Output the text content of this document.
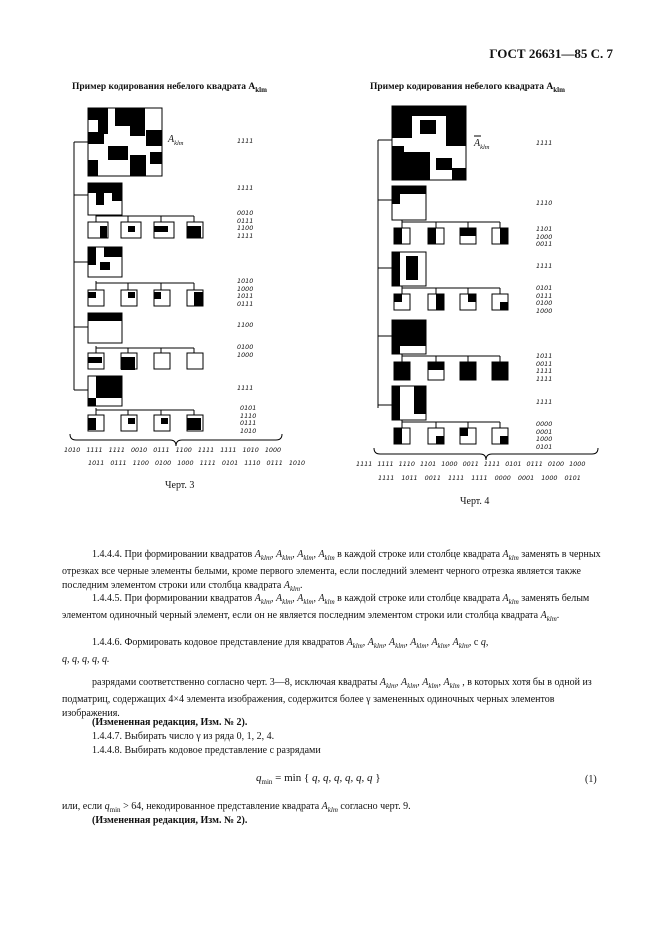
ГОСТ 26631—85 С. 7
Пример кодирования небелого квадрата $A_{klm}$	Пример кодирования небелого квадрата $A_{klm}$
$A_{klm}$	1111
1111
0010
0111
1100
1111
1010
1000
1011
0111
1100
0100
1000
1111
0101
1110
0111
1010
1010 1111 1111 0010 0111 1100 1111 1111 1010 1000
1011 0111 1100 0100 1000 1111 0101 1110 0111 1010
Черт. 3
$A_{klm}$
1111
1110
1101
1000
0011
1111
0101
0111
0100
1000
1011
0011
1111
1111
1111
0000
0001
1000
0101
1111 1111 1110 1101 1000 0011 1111 0101 0111 0100 1000
1111 1011 0011 1111 1111 0000 0001 1000 0101
Черт. 4
1.4.4.4. При формировании квадратов $A_{klm}$, $A_{klm}$, $A_{klm}$, $A_{klm}$ в каждой строке или столбце квадрата $A_{klm}$ заменять в черных отрезках все черные элементы белыми, кроме первого элемента, если последний элемент черного отрезка является также последним элементом строки или столбца квадрата $A_{klm}$.
1.4.4.5. При формировании квадратов $A_{klm}$, $A_{klm}$, $A_{klm}$, $A_{klm}$ в каждой строке или столбце квадрата $A_{klm}$ заменять белым элементом одиночный черный элемент, если он не является последним элементом строки или столбца квадрата $A_{klm}$.
1.4.4.6. Формировать кодовое представление для квадратов $A_{klm}$, $A_{klm}$, $A_{klm}$, $A_{klm}$, $A_{klm}$, $A_{klm}$, с q,
q, q, q, q, q.
разрядами соответственно согласно черт. 3—8, исключая квадраты $A_{klm}$, $A_{klm}$, $A_{klm}$, $A_{klm}$ , в которых хотя бы в одной из подматриц, содержащих 4×4 элемента изображения, содержится более γ замененных одиночных черных элементов изображения.
(Измененная редакция, Изм. № 2).
1.4.4.7. Выбирать число γ из ряда 0, 1, 2, 4.
1.4.4.8. Выбирать кодовое представление с разрядами
$q_{min} = \min$ { q, q, q, q, q, q }	(1)
или, если $q_{min} > 64$, некодированное представление квадрата $A_{klm}$ согласно черт. 9.
(Измененная редакция, Изм. № 2).
